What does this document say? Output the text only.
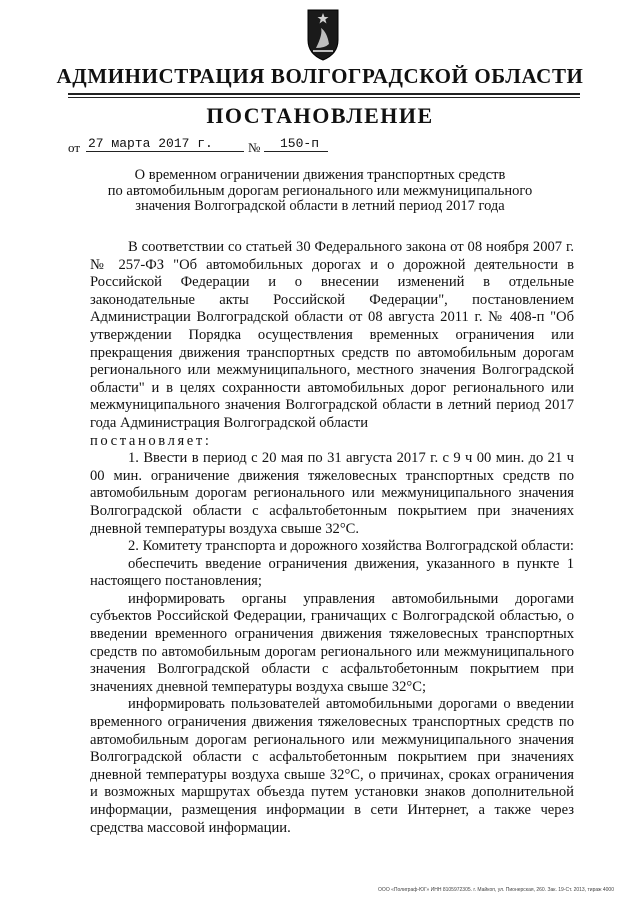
АДМИНИСТРАЦИЯ ВОЛГОГРАДСКОЙ ОБЛАСТИ
ПОСТАНОВЛЕНИЕ
от 27 марта 2017 г.	№ 150-п
О временном ограничении движения транспортных средств
по автомобильным дорогам регионального или межмуниципального
значения Волгоградской области в летний период 2017 года

В соответствии со статьей 30 Федерального закона от 08 ноября 2007 г. № 257-ФЗ "Об автомобильных дорогах и о дорожной деятельности в Российской Федерации и о внесении изменений в отдельные законодательные акты Российской Федерации", постановлением Администрации Волгоградской области от 08 августа 2011 г. № 408-п "Об утверждении Порядка осуществления временных ограничения или прекращения движения транспортных средств по автомобильным дорогам регионального или межмуниципального, местного значения Волгоградской области" и в целях сохранности автомобильных дорог регионального или межмуниципального значения Волгоградской области в летний период 2017 года Администрация Волгоградской области

постановляет:

1. Ввести в период с 20 мая по 31 августа 2017 г. с 9 ч 00 мин. до 21 ч 00 мин. ограничение движения тяжеловесных транспортных средств по автомобильным дорогам регионального или межмуниципального значения Волгоградской области с асфальтобетонным покрытием при значениях дневной температуры воздуха свыше 32°С.

2. Комитету транспорта и дорожного хозяйства Волгоградской области:

обеспечить введение ограничения движения, указанного в пункте 1 настоящего постановления;

информировать органы управления автомобильными дорогами субъектов Российской Федерации, граничащих с Волгоградской областью, о введении временного ограничения движения тяжеловесных транспортных средств по автомобильным дорогам регионального или межмуниципального значения Волгоградской области с асфальтобетонным покрытием при значениях дневной температуры воздуха свыше 32°С;

информировать пользователей автомобильными дорогами о введении временного ограничения движения тяжеловесных транспортных средств по автомобильным дорогам регионального или межмуниципального значения Волгоградской области с асфальтобетонным покрытием при значениях дневной температуры воздуха свыше 32°С, о причинах, сроках ограничения и возможных маршрутах объезда путем установки знаков дополнительной информации, размещения информации в сети Интернет, а также через средства массовой информации.

ООО «Полиграф-ЮГ» ИНН 8105972305. г. Майкоп, ул. Пионерская, 260. Зак. 19-Ст. 2013, тираж 4000
